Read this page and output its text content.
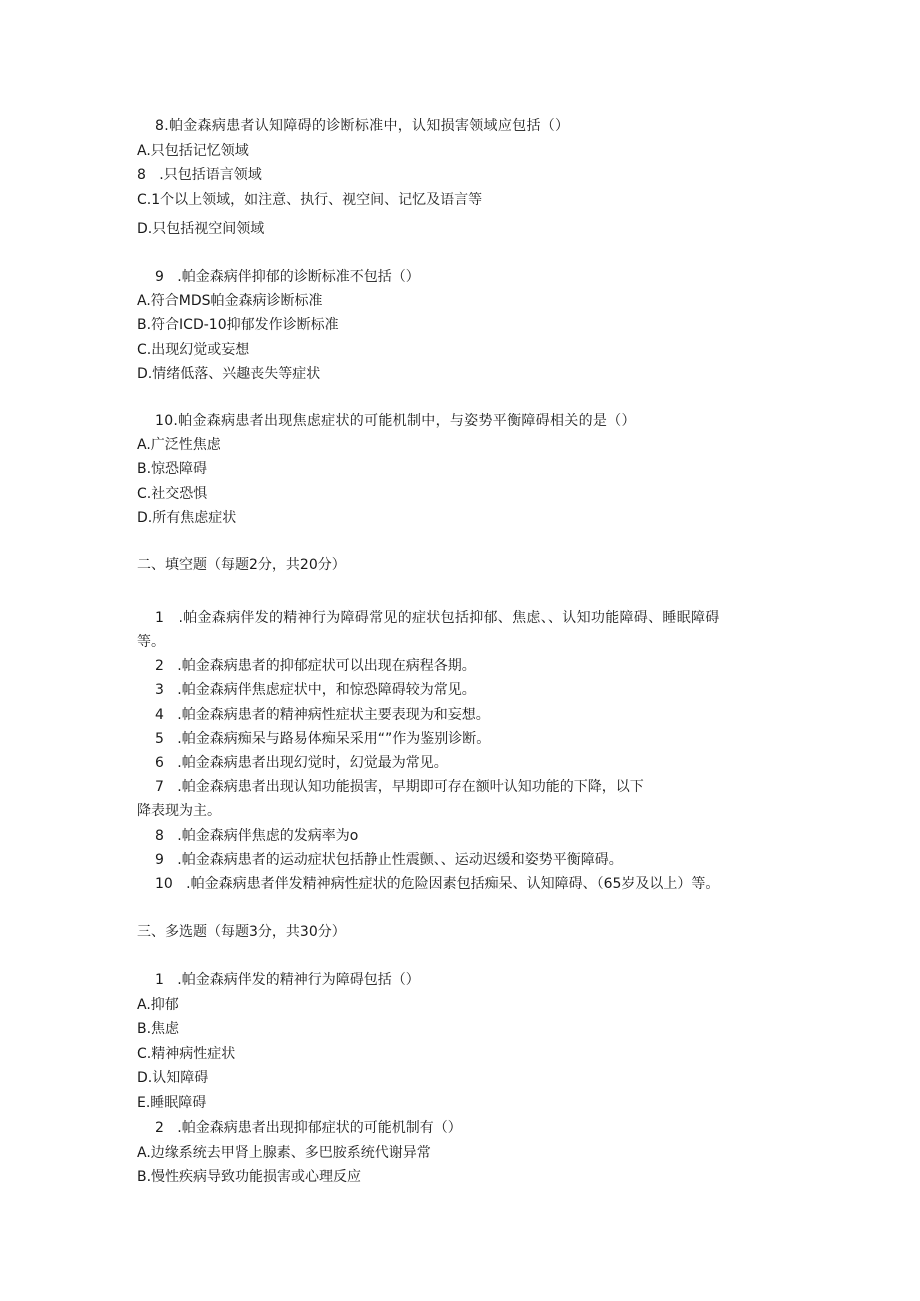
8.帕金森病患者认知障碍的诊断标准中，认知损害领域应包括（）
A.只包括记忆领域
8   .只包括语言领域
C.1个以上领域，如注意、执行、视空间、记忆及语言等
D.只包括视空间领域
9   .帕金森病伴抑郁的诊断标准不包括（）
A.符合MDS帕金森病诊断标准
B.符合ICD-10抑郁发作诊断标准
C.出现幻觉或妄想
D.情绪低落、兴趣丧失等症状
10.帕金森病患者出现焦虑症状的可能机制中，与姿势平衡障碍相关的是（）
A.广泛性焦虑
B.惊恐障碍
C.社交恐惧
D.所有焦虑症状
二、填空题（每题2分，共20分）
1   .帕金森病伴发的精神行为障碍常见的症状包括抑郁、焦虑、、认知功能障碍、睡眠障碍
等。
2   .帕金森病患者的抑郁症状可以出现在病程各期。
3   .帕金森病伴焦虑症状中，和惊恐障碍较为常见。
4   .帕金森病患者的精神病性症状主要表现为和妄想。
5   .帕金森病痴呆与路易体痴呆采用“”作为鉴别诊断。
6   .帕金森病患者出现幻觉时，幻觉最为常见。
7   .帕金森病患者出现认知功能损害，早期即可存在额叶认知功能的下降，以下
降表现为主。
8   .帕金森病伴焦虑的发病率为o
9   .帕金森病患者的运动症状包括静止性震颤、、运动迟缓和姿势平衡障碍。
10   .帕金森病患者伴发精神病性症状的危险因素包括痴呆、认知障碍、（65岁及以上）等。
三、多选题（每题3分，共30分）
1   .帕金森病伴发的精神行为障碍包括（）
A.抑郁
B.焦虑
C.精神病性症状
D.认知障碍
E.睡眠障碍
2   .帕金森病患者出现抑郁症状的可能机制有（）
A.边缘系统去甲肾上腺素、多巴胺系统代谢异常
B.慢性疾病导致功能损害或心理反应
